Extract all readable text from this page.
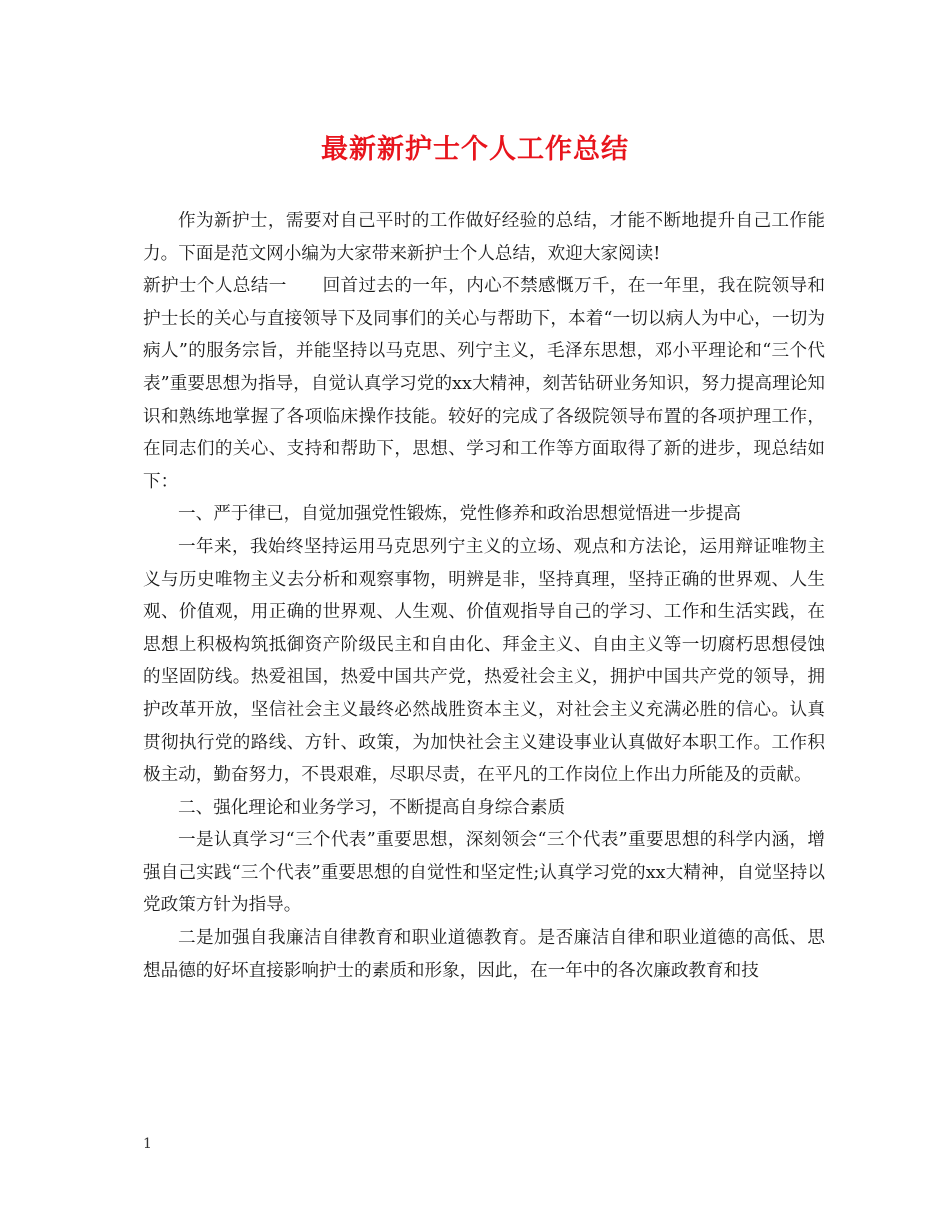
最新新护士个人工作总结

作为新护士，需要对自己平时的工作做好经验的总结，才能不断地提升自己工作能力。下面是范文网小编为大家带来新护士个人总结，欢迎大家阅读!

新护士个人总结一　　回首过去的一年，内心不禁感慨万千，在一年里，我在院领导和护士长的关心与直接领导下及同事们的关心与帮助下，本着“一切以病人为中心，一切为病人”的服务宗旨，并能坚持以马克思、列宁主义，毛泽东思想，邓小平理论和“三个代表”重要思想为指导，自觉认真学习党的xx大精神，刻苦钻研业务知识，努力提高理论知识和熟练地掌握了各项临床操作技能。较好的完成了各级院领导布置的各项护理工作，在同志们的关心、支持和帮助下，思想、学习和工作等方面取得了新的进步，现总结如下：

一、严于律已，自觉加强党性锻炼，党性修养和政治思想觉悟进一步提高

一年来，我始终坚持运用马克思列宁主义的立场、观点和方法论，运用辩证唯物主义与历史唯物主义去分析和观察事物，明辨是非，坚持真理，坚持正确的世界观、人生观、价值观，用正确的世界观、人生观、价值观指导自己的学习、工作和生活实践，在思想上积极构筑抵御资产阶级民主和自由化、拜金主义、自由主义等一切腐朽思想侵蚀的坚固防线。热爱祖国，热爱中国共产党，热爱社会主义，拥护中国共产党的领导，拥护改革开放，坚信社会主义最终必然战胜资本主义，对社会主义充满必胜的信心。认真贯彻执行党的路线、方针、政策，为加快社会主义建设事业认真做好本职工作。工作积极主动，勤奋努力，不畏艰难，尽职尽责，在平凡的工作岗位上作出力所能及的贡献。

二、强化理论和业务学习，不断提高自身综合素质

一是认真学习“三个代表”重要思想，深刻领会“三个代表”重要思想的科学内涵，增强自己实践“三个代表”重要思想的自觉性和坚定性;认真学习党的xx大精神，自觉坚持以党政策方针为指导。

二是加强自我廉洁自律教育和职业道德教育。是否廉洁自律和职业道德的高低、思想品德的好坏直接影响护士的素质和形象，因此，在一年中的各次廉政教育和技

1
